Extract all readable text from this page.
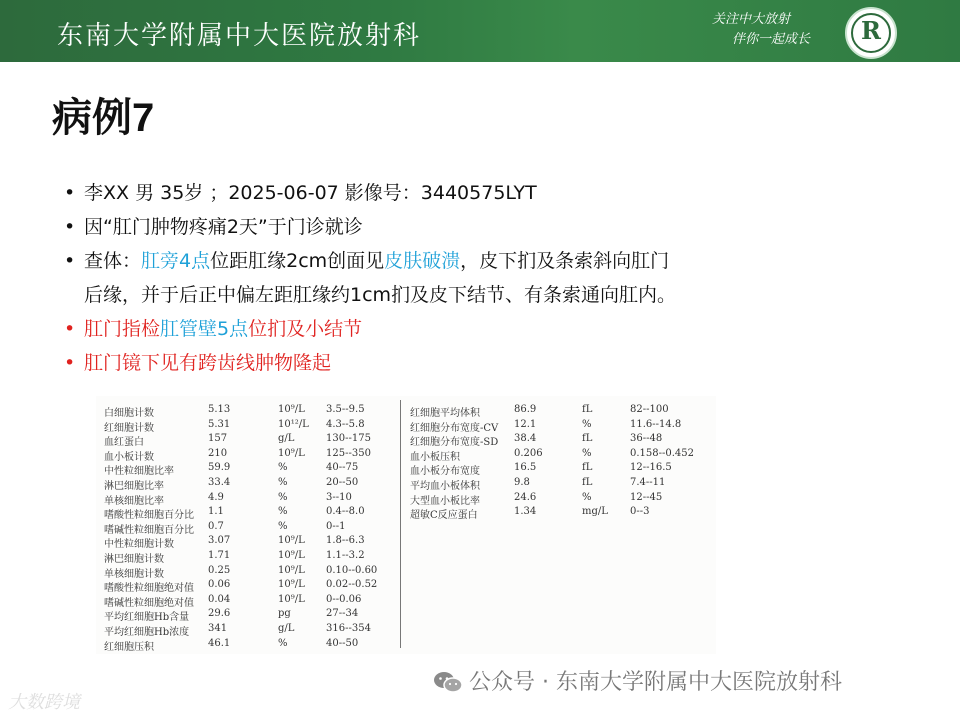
东南大学附属中大医院放射科
关注中大放射
伴你一起成长	R
病例7
• 李XX 男 35岁 ；2025-06-07 影像号：3440575LYT
• 因“肛门肿物疼痛2天”于门诊就诊
• 查体：肛旁4点位距肛缘2cm创面见皮肤破溃，皮下扪及条索斜向肛门
后缘，并于后正中偏左距肛缘约1cm扪及皮下结节、有条索通向肛内。
• 肛门指检肛管壁5点位扪及小结节
• 肛门镜下见有跨齿线肿物隆起
白细胞计数	5.13	10⁹/L 3.5--9.5
红细胞计数	5.31	10¹²/L 4.3--5.8
血红蛋白	157	g/L	130--175
血小板计数	210	10⁹/L 125--350
中性粒细胞比率	59.9	%	40--75
淋巴细胞比率	33.4	%	20--50
单核细胞比率	4.9	%	3--10
嗜酸性粒细胞百分比 1.1	%	0.4--8.0
嗜碱性粒细胞百分比 0.7	%	0--1
中性粒细胞计数	3.07	10⁹/L 1.8--6.3
淋巴细胞计数	1.71	10⁹/L 1.1--3.2
单核细胞计数	0.25	10⁹/L 0.10--0.60
嗜酸性粒细胞绝对值 0.06	10⁹/L 0.02--0.52
嗜碱性粒细胞绝对值 0.04	10⁹/L 0--0.06
平均红细胞Hb含量 29.6	pg	27--34
平均红细胞Hb浓度 341	g/L	316--354
红细胞压积	46.1	%	40--50
红细胞平均体积	86.9	fL	82--100
红细胞分布宽度-CV 12.1	%	11.6--14.8
红细胞分布宽度-SD 38.4	fL	36--48
血小板压积	0.206	%	0.158--0.452
血小板分布宽度	16.5	fL	12--16.5
平均血小板体积	9.8	fL	7.4--11
大型血小板比率	24.6	%	12--45
超敏C反应蛋白	1.34	mg/L 0--3
公众号 · 东南大学附属中大医院放射科
大数跨境
